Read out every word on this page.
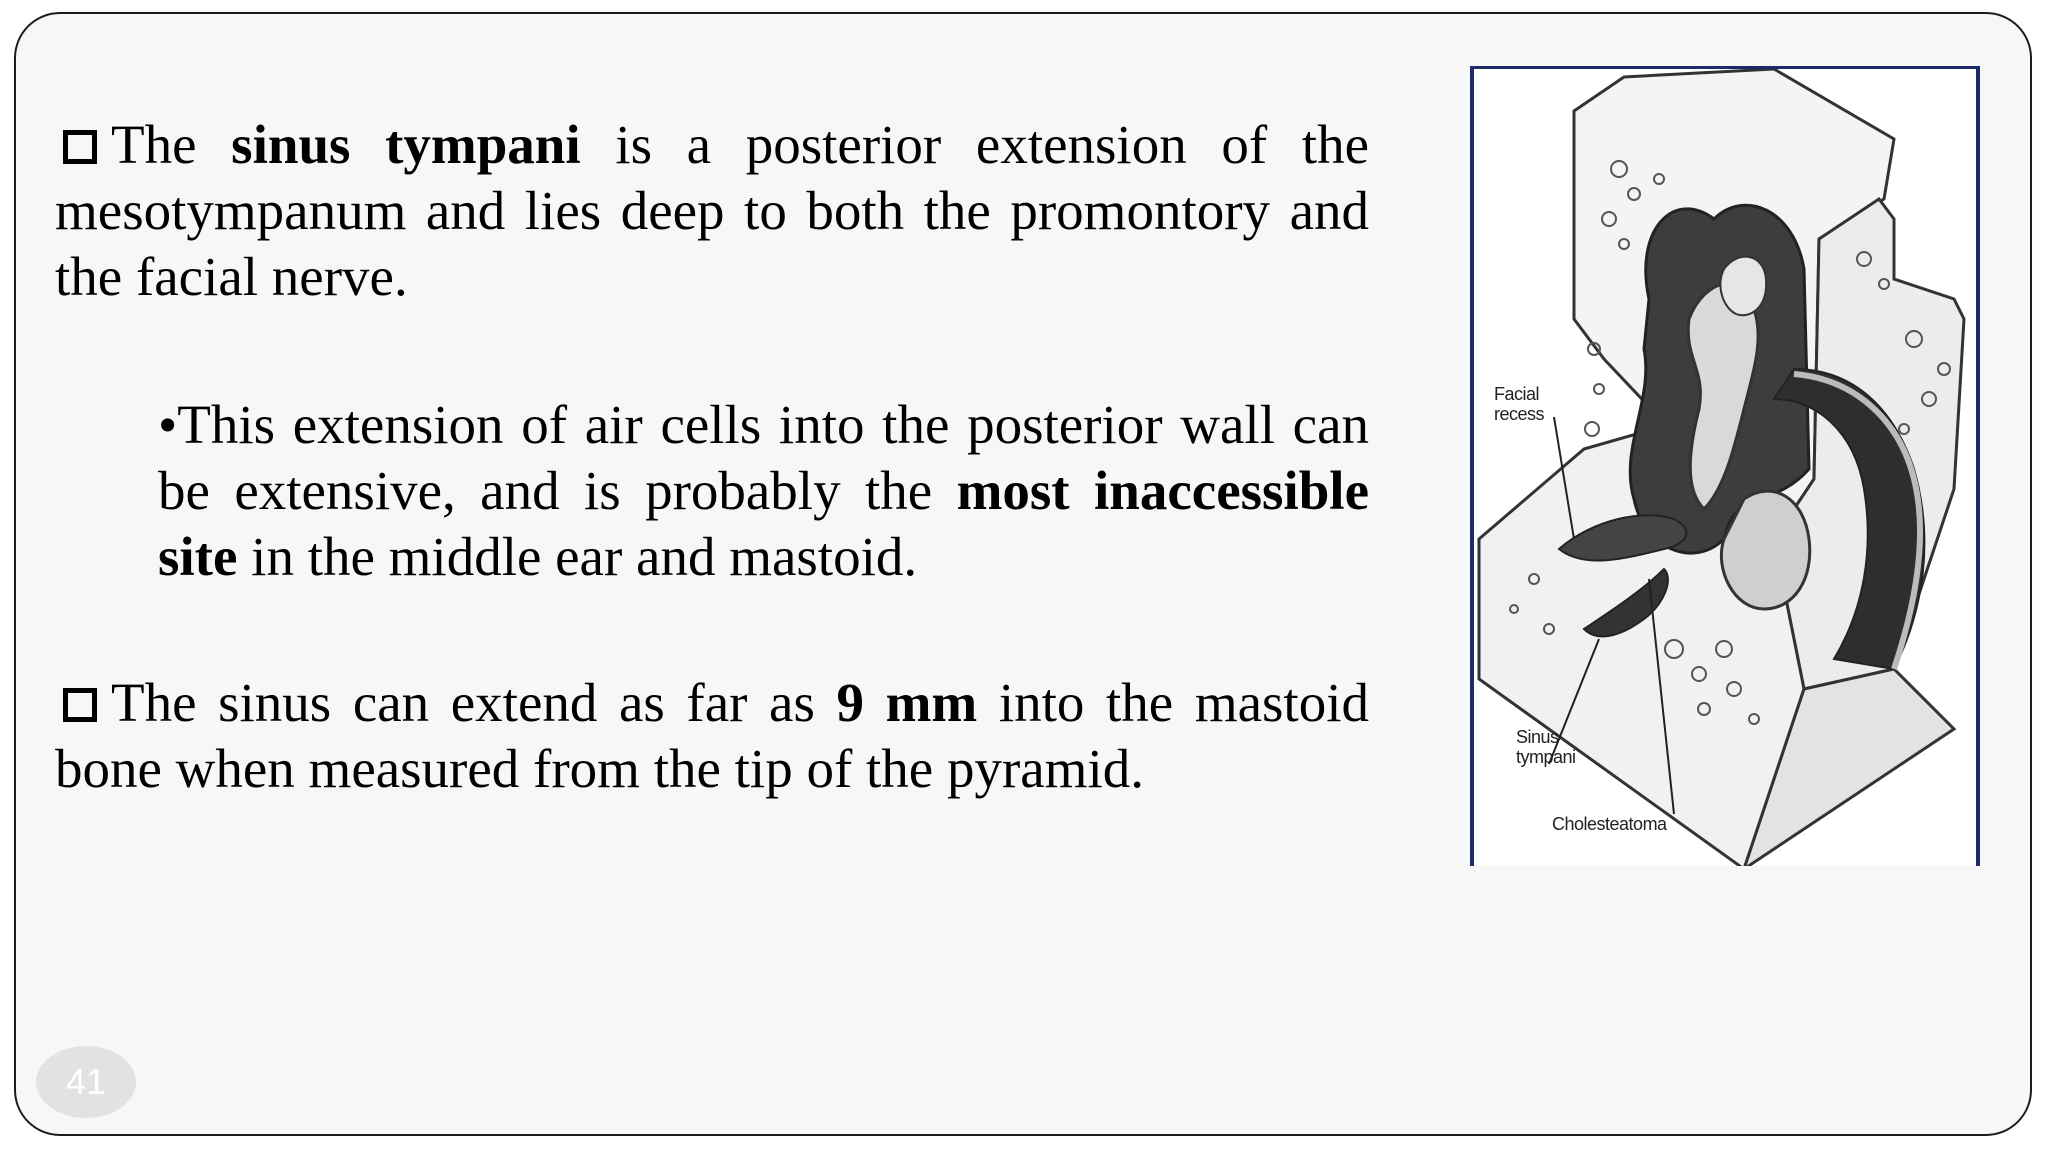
The sinus tympani is a posterior extension of the mesotympanum and lies deep to both the promontory and the facial nerve.
•This extension of air cells into the posterior wall can be extensive, and is probably the most inaccessible site in the middle ear and mastoid.
The sinus can extend as far as 9 mm into the mastoid bone when measured from the tip of the pyramid.
Facial
recess
Sinus
tympani
Cholesteatoma
41
